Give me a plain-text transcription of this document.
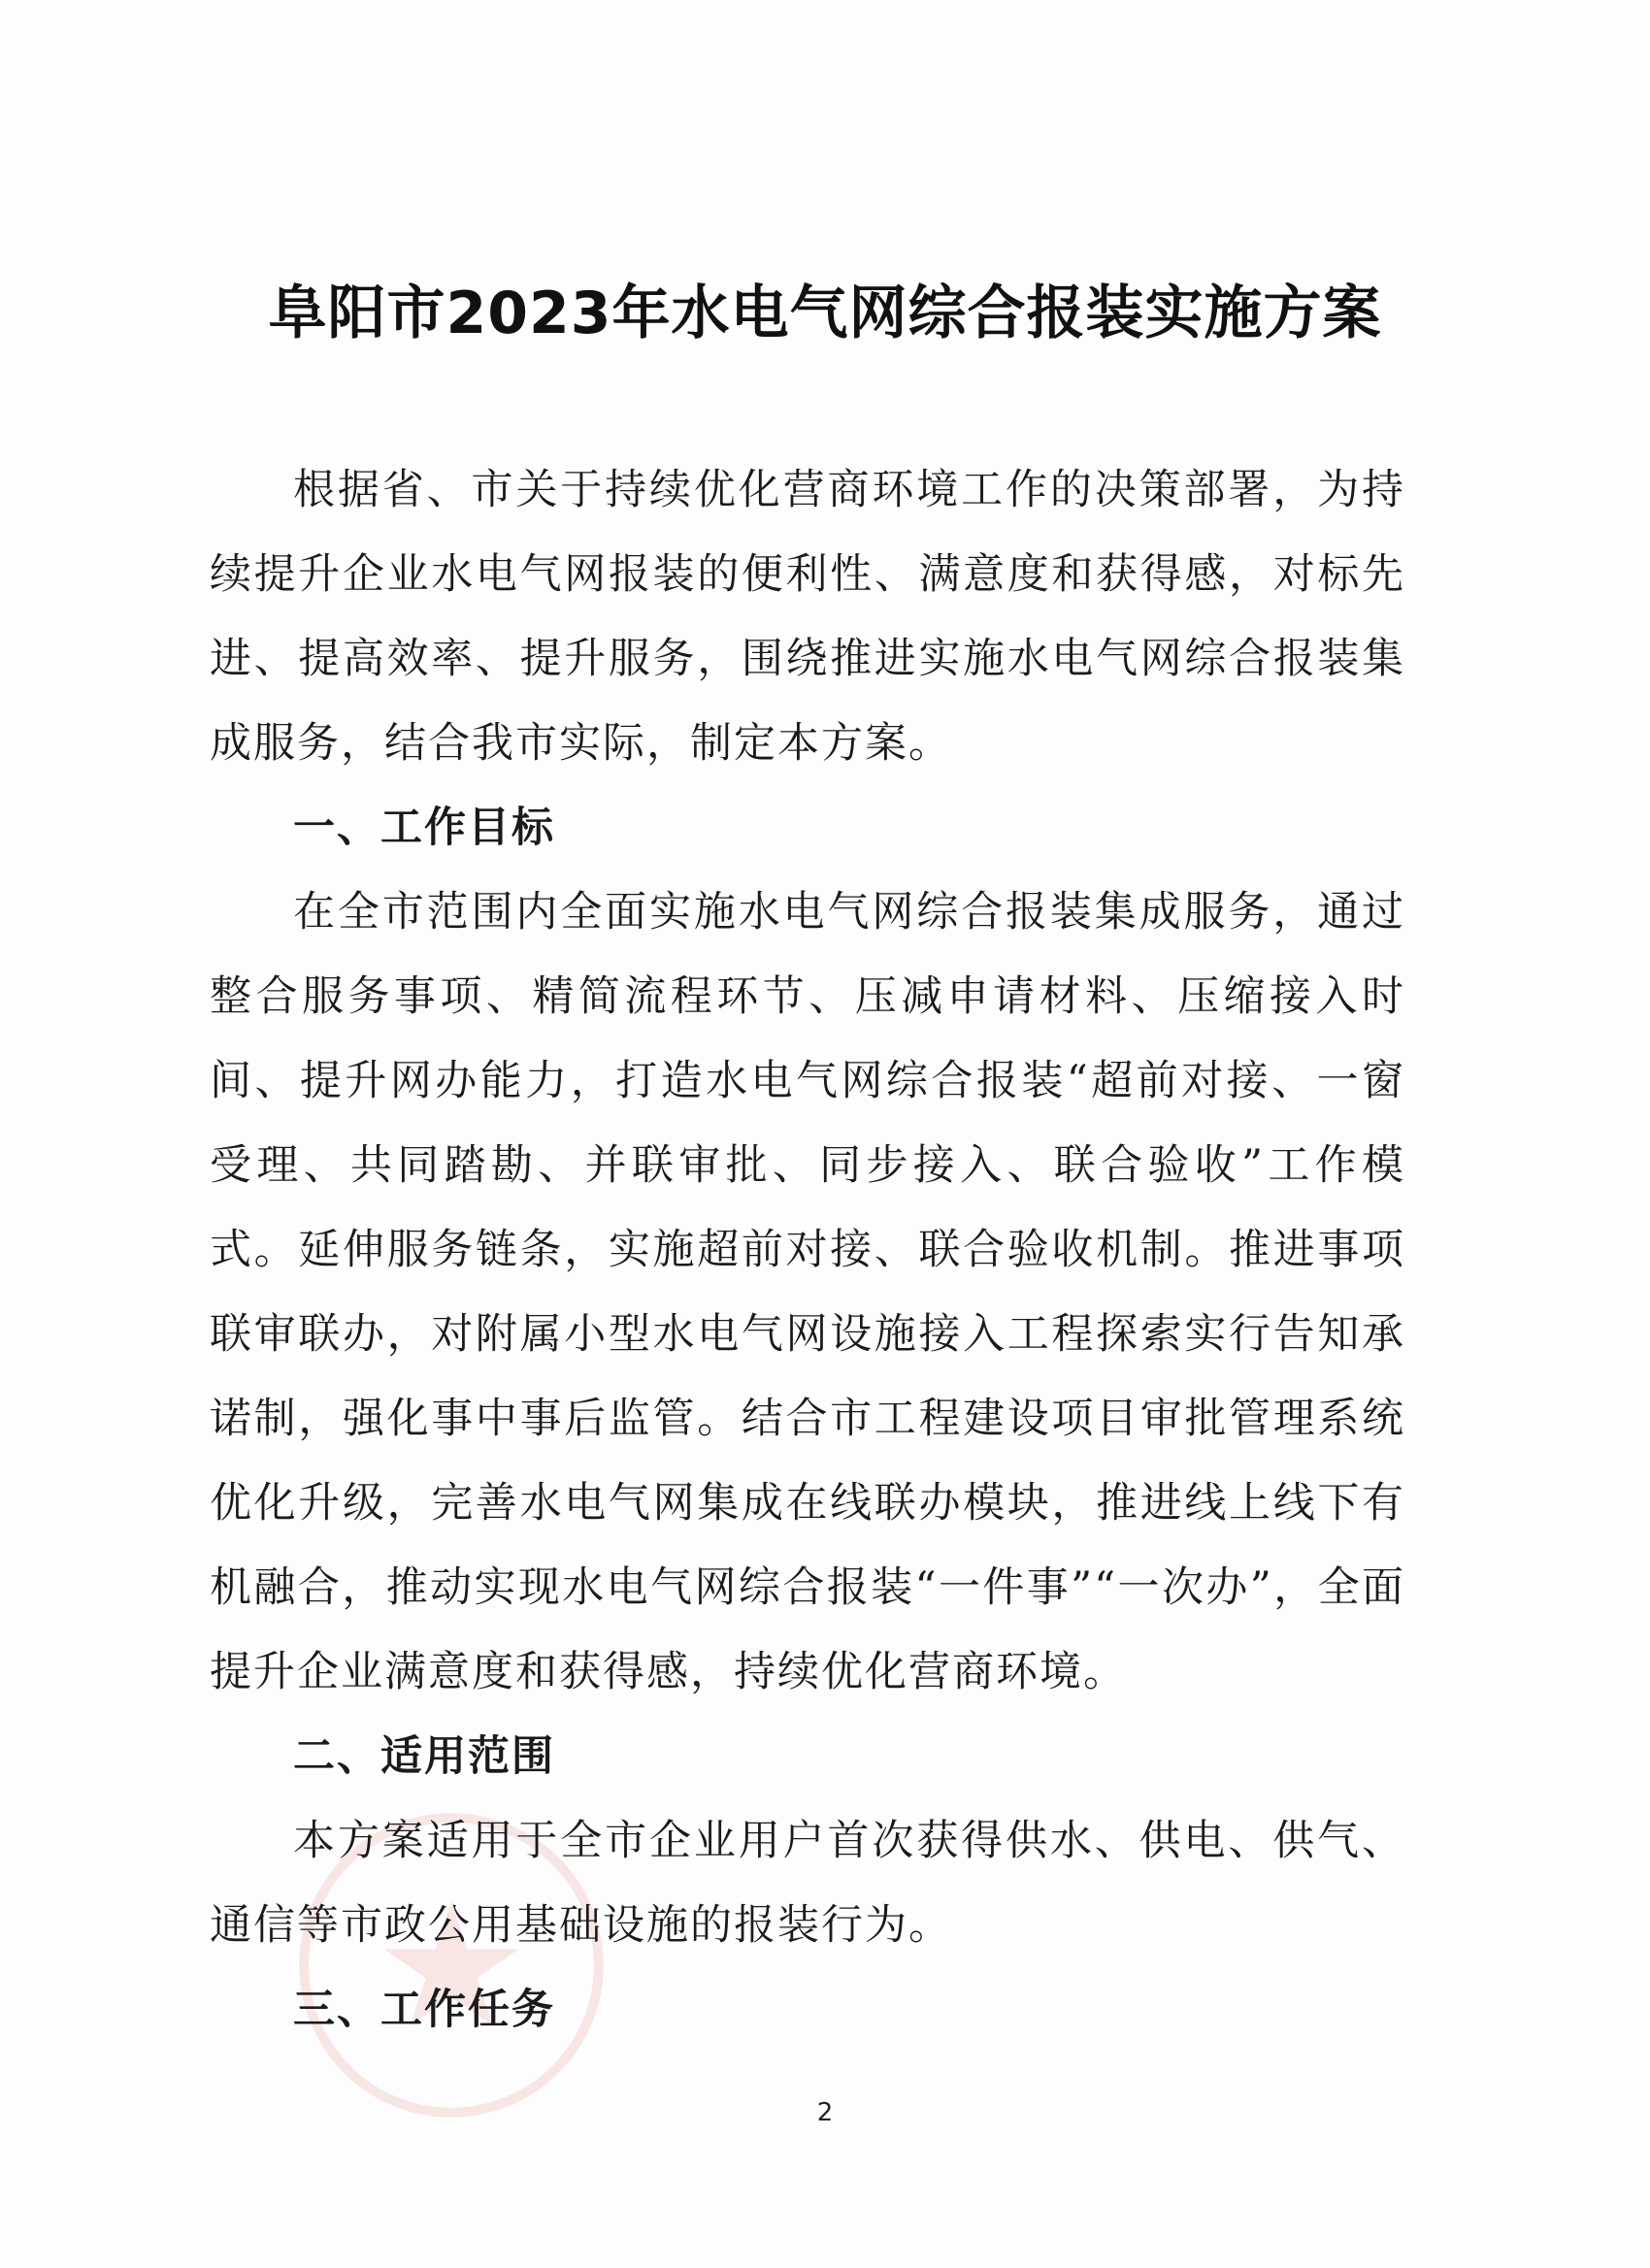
阜阳市2023年水电气网综合报装实施方案

根据省、市关于持续优化营商环境工作的决策部署，为持续提升企业水电气网报装的便利性、满意度和获得感，对标先进、提高效率、提升服务，围绕推进实施水电气网综合报装集成服务，结合我市实际，制定本方案。

一、工作目标

在全市范围内全面实施水电气网综合报装集成服务，通过整合服务事项、精简流程环节、压减申请材料、压缩接入时间、提升网办能力，打造水电气网综合报装“超前对接、一窗受理、共同踏勘、并联审批、同步接入、联合验收”工作模式。延伸服务链条，实施超前对接、联合验收机制。推进事项联审联办，对附属小型水电气网设施接入工程探索实行告知承诺制，强化事中事后监管。结合市工程建设项目审批管理系统优化升级，完善水电气网集成在线联办模块，推进线上线下有机融合，推动实现水电气网综合报装“一件事”“一次办”，全面提升企业满意度和获得感，持续优化营商环境。

二、适用范围

本方案适用于全市企业用户首次获得供水、供电、供气、通信等市政公用基础设施的报装行为。

三、工作任务
2
